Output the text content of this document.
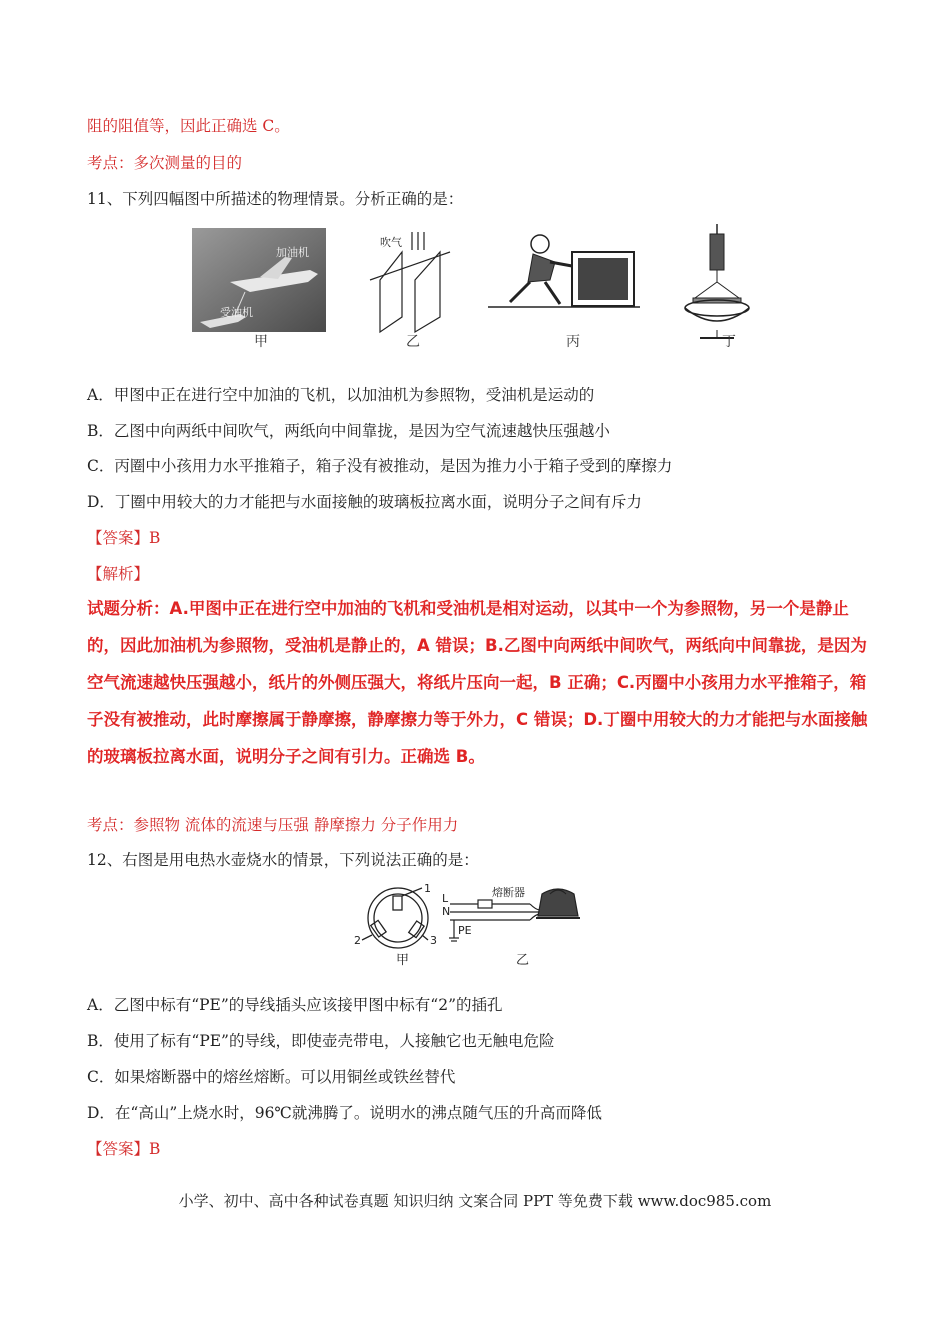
阻的阻值等，因此正确选 C。
考点：多次测量的目的
11、下列四幅图中所描述的物理情景。分析正确的是：
加油机
受油机
吹气
甲	乙	丙	丁
A．甲图中正在进行空中加油的飞机，以加油机为参照物，受油机是运动的
B．乙图中向两纸中间吹气，两纸向中间靠拢，是因为空气流速越快压强越小
C．丙圈中小孩用力水平推箱子，箱子没有被推动，是因为推力小于箱子受到的摩擦力
D．丁圈中用较大的力才能把与水面接触的玻璃板拉离水面，说明分子之间有斥力
【答案】B
【解析】
试题分析：A.甲图中正在进行空中加油的飞机和受油机是相对运动，以其中一个为参照物，另一个是静止
的，因此加油机为参照物，受油机是静止的，A 错误；B.乙图中向两纸中间吹气，两纸向中间靠拢，是因为
空气流速越快压强越小，纸片的外侧压强大，将纸片压向一起，B 正确；C.丙圈中小孩用力水平推箱子，箱
子没有被推动，此时摩擦属于静摩擦，静摩擦力等于外力，C 错误；D.丁圈中用较大的力才能把与水面接触
的玻璃板拉离水面，说明分子之间有引力。正确选 B。
考点：参照物 流体的流速与压强 静摩擦力 分子作用力
12、右图是用电热水壶烧水的情景，下列说法正确的是：
1
2	3
熔断器
L
N
PE
甲	乙
A．乙图中标有“PE”的导线插头应该接甲图中标有“2”的插孔
B．使用了标有“PE”的导线，即使壶壳带电，人接触它也无触电危险
C．如果熔断器中的熔丝熔断。可以用铜丝或铁丝替代
D．在“高山”上烧水时，96℃就沸腾了。说明水的沸点随气压的升高而降低
【答案】B
小学、初中、高中各种试卷真题 知识归纳 文案合同 PPT 等免费下载 www.doc985.com
